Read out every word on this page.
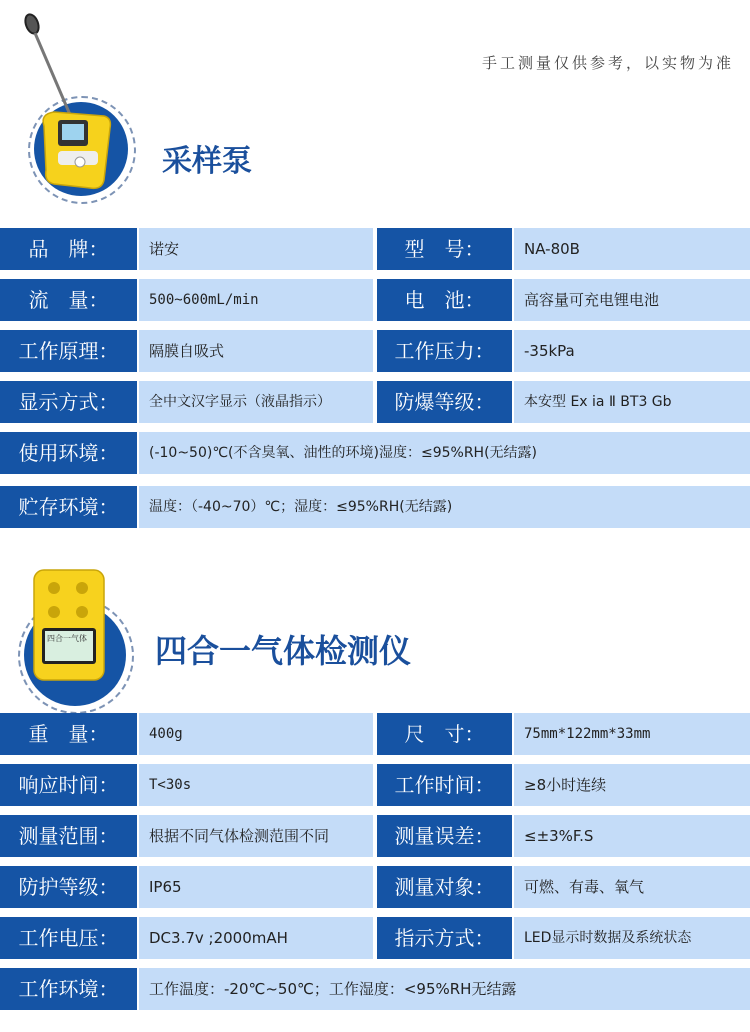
手工测量仅供参考，以实物为准
采样泵
品　牌：	诺安	型　号：	NA-80B
流　量：	500~600mL/min	电　池：	高容量可充电锂电池
工作原理：	隔膜自吸式	工作压力：	-35kPa
显示方式：	全中文汉字显示（液晶指示）	防爆等级：	本安型 Ex ia Ⅱ BT3 Gb
使用环境：	(-10~50)℃(不含臭氧、油性的环境)湿度：≤95%RH(无结露)
贮存环境：	温度：（-40~70）℃；湿度：≤95%RH(无结露)
四合一气体 四合一气体检测仪
重　量：	400g	尺　寸：	75mm*122mm*33mm
响应时间：	T<30s	工作时间：	≥8小时连续
测量范围：	根据不同气体检测范围不同	测量误差：	≤±3%F.S
防护等级：	IP65	测量对象：	可燃、有毒、氧气
工作电压：	DC3.7v ;2000mAH	指示方式：	LED显示时数据及系统状态
工作环境：	工作温度：-20℃~50℃；工作湿度：<95%RH无结露
